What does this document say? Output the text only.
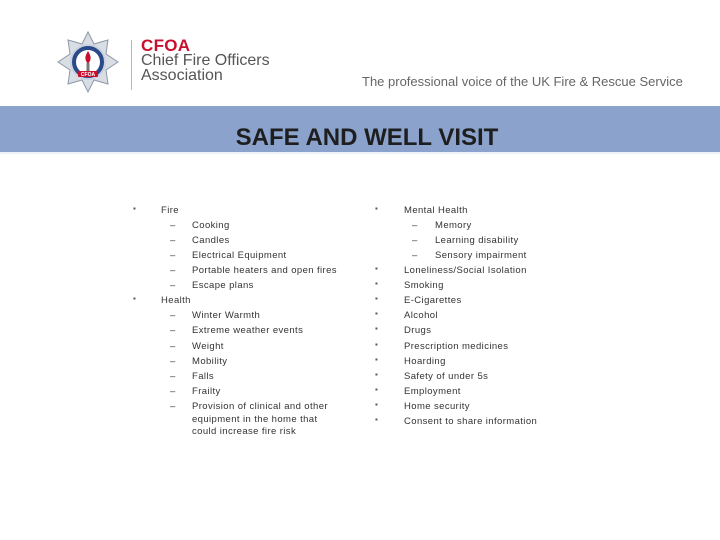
CFOA
CFOA
Chief Fire Officers
Association	The professional voice of the UK Fire & Rescue Service
SAFE AND WELL VISIT
▪	Fire
– Cooking
– Candles
– Electrical Equipment
– Portable heaters and open fires
– Escape plans
▪	Health
– Winter Warmth
– Extreme weather events
– Weight
– Mobility
– Falls
– Frailty
– Provision of clinical and other equipment in the home that could increase fire risk
▪	Mental Health
– Memory
– Learning disability
– Sensory impairment
▪	Loneliness/Social Isolation
▪	Smoking
▪	E-Cigarettes
▪	Alcohol
▪	Drugs
▪	Prescription medicines
▪	Hoarding
▪	Safety of under 5s
▪	Employment
▪	Home security
▪	Consent to share information
